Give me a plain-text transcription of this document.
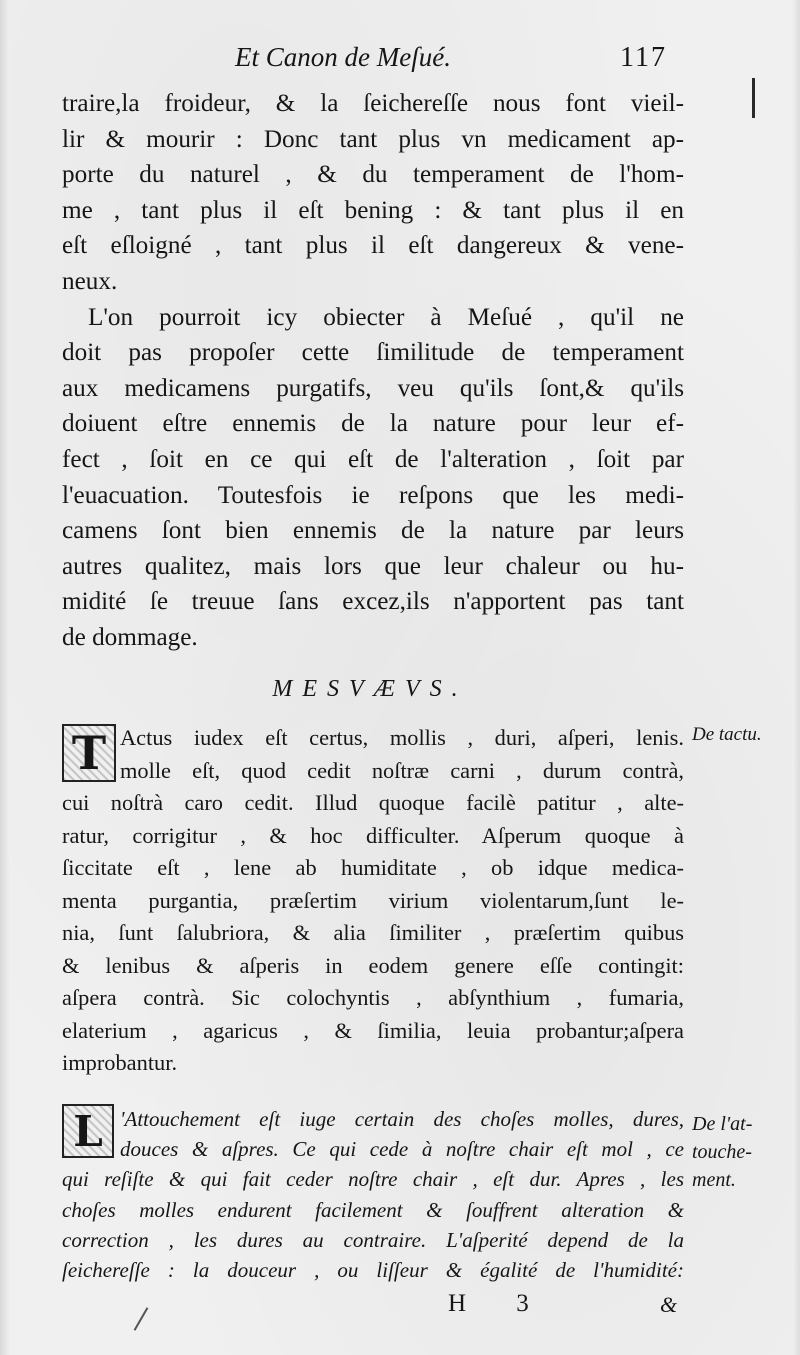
Et Canon de Meſué.	117
traire,la froideur, & la ſeichereſſe nous font vieil-
lir & mourir : Donc tant plus vn medicament ap-
porte du naturel , & du temperament de l'hom-
me , tant plus il eſt bening : & tant plus il en
eſt eſloigné , tant plus il eſt dangereux & vene-
neux.
L'on pourroit icy obiecter à Meſué , qu'il ne
doit pas propoſer cette ſimilitude de temperament
aux medicamens purgatifs, veu qu'ils ſont,& qu'ils
doiuent eſtre ennemis de la nature pour leur ef-
fect , ſoit en ce qui eſt de l'alteration , ſoit par
l'euacuation. Toutesfois ie reſpons que les medi-
camens ſont bien ennemis de la nature par leurs
autres qualitez, mais lors que leur chaleur ou hu-
midité ſe treuue ſans excez,ils n'apportent pas tant
de dommage.
MESVÆVS.
T Actus iudex eſt certus, mollis , duri, aſperi, lenis.
molle eſt, quod cedit noſtræ carni , durum contrà,
cui noſtrà caro cedit. Illud quoque facilè patitur , alte-
ratur, corrigitur , & hoc difficulter. Aſperum quoque à
ſiccitate eſt , lene ab humiditate , ob idque medica-
menta purgantia, præſertim virium violentarum,ſunt le-
nia, ſunt ſalubriora, & alia ſimiliter , præſertim quibus
& lenibus & aſperis in eodem genere eſſe contingit:
aſpera contrà. Sic colochyntis , abſynthium , fumaria,
elaterium , agaricus , & ſimilia, leuia probantur;aſpera
improbantur.
De tactu.
L 'Attouchement eſt iuge certain des choſes molles, dures,
douces & aſpres. Ce qui cede à noſtre chair eſt mol , ce
qui reſiſte & qui fait ceder noſtre chair , eſt dur. Apres , les
choſes molles endurent facilement & ſouffrent alteration &
correction , les dures au contraire. L'aſperité depend de la
ſeichereſſe : la douceur , ou liſſeur & égalité de l'humidité:
De l'at-
touche-
ment.
H 3	&
